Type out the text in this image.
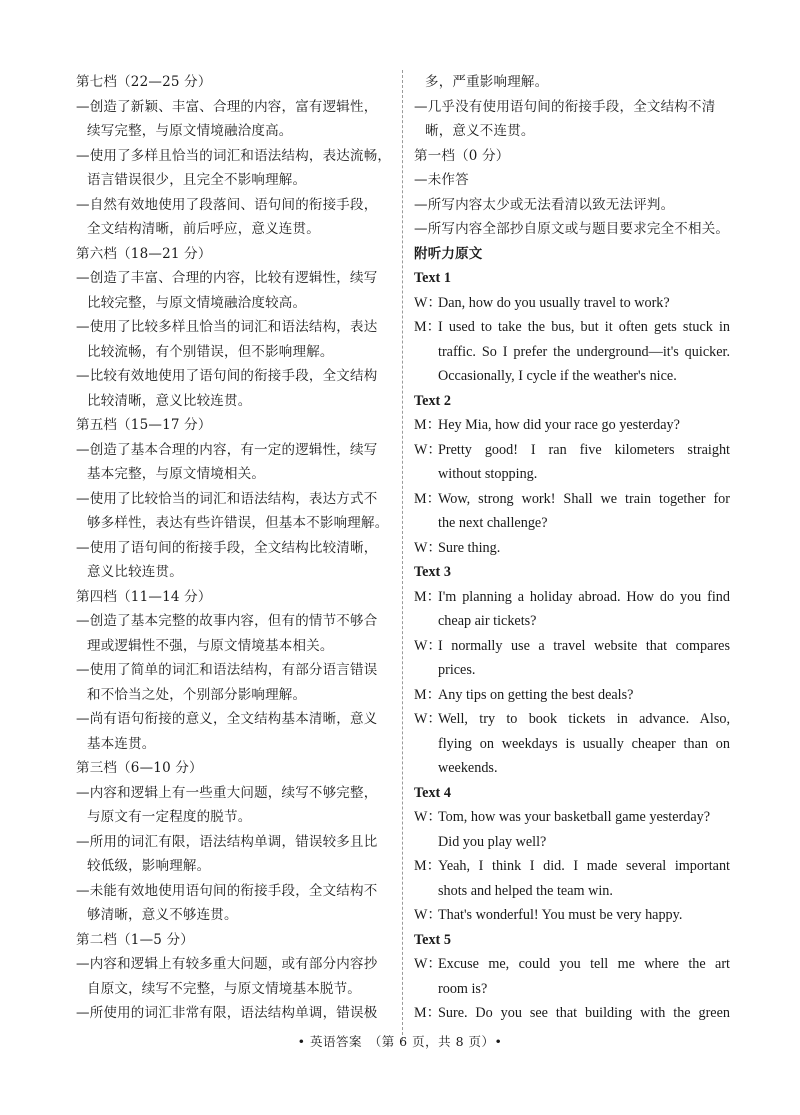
第七档（22—25 分）
—创造了新颖、丰富、合理的内容，富有逻辑性，
续写完整，与原文情境融洽度高。
—使用了多样且恰当的词汇和语法结构，表达流畅，
语言错误很少，且完全不影响理解。
—自然有效地使用了段落间、语句间的衔接手段，
全文结构清晰，前后呼应，意义连贯。
第六档（18—21 分）
—创造了丰富、合理的内容，比较有逻辑性，续写
比较完整，与原文情境融洽度较高。
—使用了比较多样且恰当的词汇和语法结构，表达
比较流畅，有个别错误，但不影响理解。
—比较有效地使用了语句间的衔接手段，全文结构
比较清晰，意义比较连贯。
第五档（15—17 分）
—创造了基本合理的内容，有一定的逻辑性，续写
基本完整，与原文情境相关。
—使用了比较恰当的词汇和语法结构，表达方式不
够多样性，表达有些许错误，但基本不影响理解。
—使用了语句间的衔接手段，全文结构比较清晰，
意义比较连贯。
第四档（11—14 分）
—创造了基本完整的故事内容，但有的情节不够合
理或逻辑性不强，与原文情境基本相关。
—使用了简单的词汇和语法结构，有部分语言错误
和不恰当之处，个别部分影响理解。
—尚有语句衔接的意义，全文结构基本清晰，意义
基本连贯。
第三档（6—10 分）
—内容和逻辑上有一些重大问题，续写不够完整，
与原文有一定程度的脱节。
—所用的词汇有限，语法结构单调，错误较多且比
较低级，影响理解。
—未能有效地使用语句间的衔接手段，全文结构不
够清晰，意义不够连贯。
第二档（1—5 分）
—内容和逻辑上有较多重大问题，或有部分内容抄
自原文，续写不完整，与原文情境基本脱节。
—所使用的词汇非常有限，语法结构单调，错误极
多，严重影响理解。
—几乎没有使用语句间的衔接手段，全文结构不清
晰，意义不连贯。
第一档（0 分）
—未作答
—所写内容太少或无法看清以致无法评判。
—所写内容全部抄自原文或与题目要求完全不相关。
附听力原文
Text 1
W：Dan, how do you usually travel to work?
M：I used to take the bus, but it often gets stuck in
traffic. So I prefer the underground—it's quicker.
Occasionally, I cycle if the weather's nice.
Text 2
M：Hey Mia, how did your race go yesterday?
W：Pretty good! I ran five kilometers straight
without stopping.
M：Wow, strong work! Shall we train together for
the next challenge?
W：Sure thing.
Text 3
M：I'm planning a holiday abroad. How do you find
cheap air tickets?
W：I normally use a travel website that compares
prices.
M：Any tips on getting the best deals?
W：Well, try to book tickets in advance. Also,
flying on weekdays is usually cheaper than on
weekends.
Text 4
W：Tom, how was your basketball game yesterday?
Did you play well?
M：Yeah, I think I did. I made several important
shots and helped the team win.
W：That's wonderful! You must be very happy.
Text 5
W：Excuse me, could you tell me where the art
room is?
M：Sure. Do you see that building with the green
• 英语答案　（第 6 页，共 8 页）•
